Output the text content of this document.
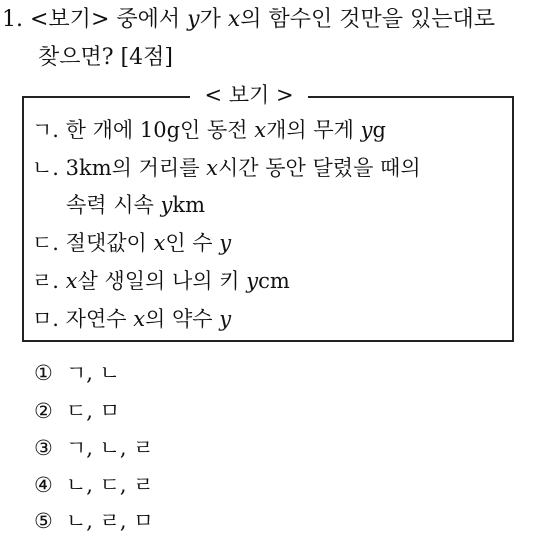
1. <보기> 중에서 y가 x의 함수인 것만을 있는대로
찾으면? [4점]
< 보기 >
ㄱ. 한 개에 10g인 동전 x개의 무게 yg
ㄴ. 3km의 거리를 x시간 동안 달렸을 때의
속력 시속 ykm
ㄷ. 절댓값이 x인 수 y
ㄹ. x살 생일의 나의 키 ycm
ㅁ. 자연수 x의 약수 y
① ㄱ, ㄴ
② ㄷ, ㅁ
③ ㄱ, ㄴ, ㄹ
④ ㄴ, ㄷ, ㄹ
⑤ ㄴ, ㄹ, ㅁ
